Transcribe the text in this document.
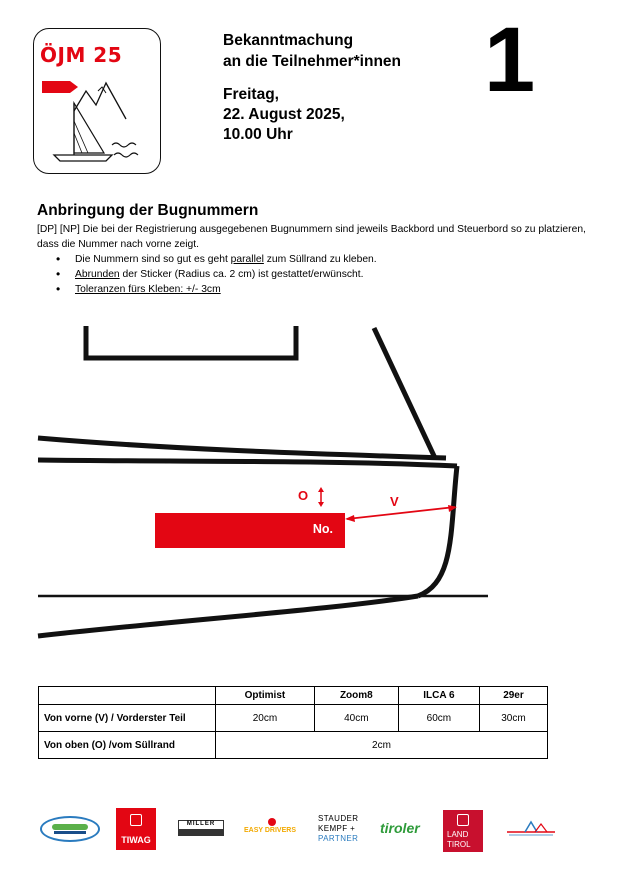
ÖJM 25
Bekanntmachung
an die Teilnehmer*innen
Freitag,
22. August 2025,
10.00 Uhr
1
Anbringung der Bugnummern
[DP] [NP] Die bei der Registrierung ausgegebenen Bugnummern sind jeweils Backbord und Steuerbord so zu platzieren, dass die Nummer nach vorne zeigt.
• Die Nummern sind so gut es geht parallel zum Süllrand zu kleben.
• Abrunden der Sticker (Radius ca. 2 cm) ist gestattet/erwünscht.
• Toleranzen fürs Kleben: +/- 3cm
O	V
No.
	Optimist	Zoom8	ILCA 6	29er
Von vorne (V) / Vorderster Teil	20cm	40cm	60cm	30cm
Von oben (O) /vom Süllrand	2cm			
TIWAG
MILLER
EASY DRIVERS
STAUDER
KEMPF +
PARTNER
tiroler	LAND
TIROL
